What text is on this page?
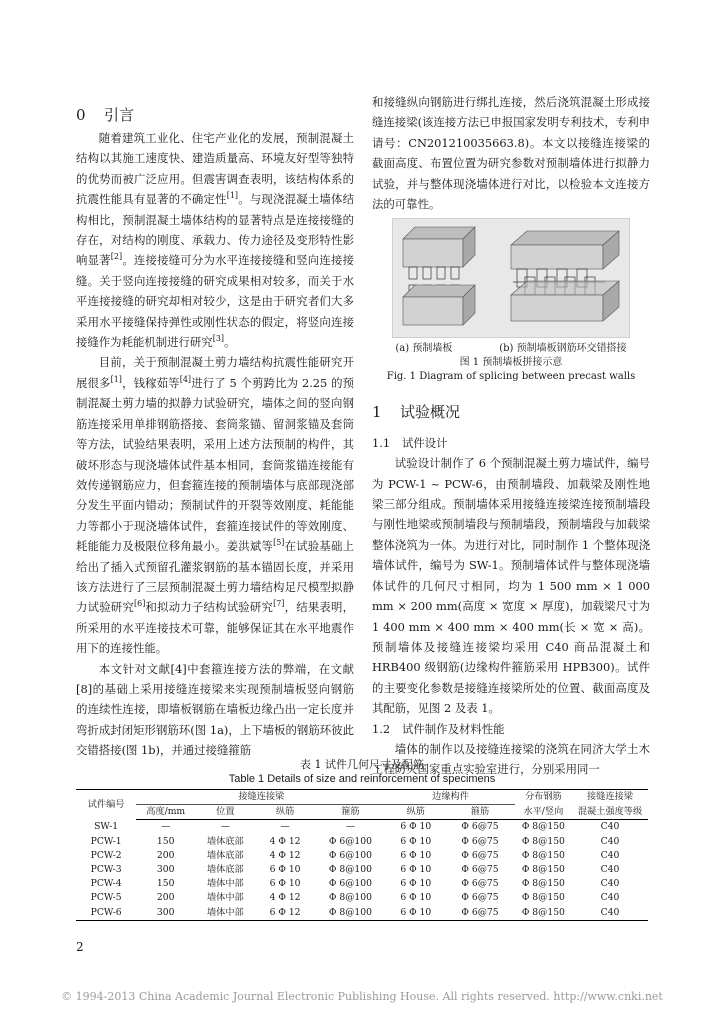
0 引言

随着建筑工业化、住宅产业化的发展，预制混凝土结构以其施工速度快、建造质量高、环境友好型等独特的优势而被广泛应用。但震害调查表明，该结构体系的抗震性能具有显著的不确定性[1]。与现浇混凝土墙体结构相比，预制混凝土墙体结构的显著特点是连接接缝的存在，对结构的刚度、承载力、传力途径及变形特性影响显著[2]。连接接缝可分为水平连接接缝和竖向连接接缝。关于竖向连接接缝的研究成果相对较多，而关于水平连接接缝的研究却相对较少，这是由于研究者们大多采用水平接缝保持弹性或刚性状态的假定，将竖向连接接缝作为耗能机制进行研究[3]。

目前，关于预制混凝土剪力墙结构抗震性能研究开展很多[1]，钱稼茹等[4]进行了 5 个剪跨比为 2.25 的预制混凝土剪力墙的拟静力试验研究，墙体之间的竖向钢筋连接采用单排钢筋搭接、套筒浆锚、留洞浆锚及套筒等方法，试验结果表明，采用上述方法预制的构件，其破坏形态与现浇墙体试件基本相同，套筒浆锚连接能有效传递钢筋应力，但套箍连接的预制墙体与底部现浇部分发生平面内错动；预制试件的开裂等效刚度、耗能能力等都小于现浇墙体试件，套箍连接试件的等效刚度、耗能能力及极限位移角最小。姜洪斌等[5]在试验基础上给出了插入式预留孔灌浆钢筋的基本锚固长度，并采用该方法进行了三层预制混凝土剪力墙结构足尺模型拟静力试验研究[6]和拟动力子结构试验研究[7]，结果表明，所采用的水平连接技术可靠，能够保证其在水平地震作用下的连接性能。

本文针对文献[4]中套箍连接方法的弊端，在文献[8]的基础上采用接缝连接梁来实现预制墙板竖向钢筋的连续性连接，即墙板钢筋在墙板边缘凸出一定长度并弯折成封闭矩形钢筋环(图 1a)，上下墙板的钢筋环彼此交错搭接(图 1b)，并通过接缝箍筋

和接缝纵向钢筋进行绑扎连接，然后浇筑混凝土形成接缝连接梁(该连接方法已申报国家发明专利技术，专利申请号：CN201210035663.8)。本文以接缝连接梁的截面高度、布置位置为研究参数对预制墙体进行拟静力试验，并与整体现浇墙体进行对比，以检验本文连接方法的可靠性。

(a) 预制墙板	(b) 预制墙板钢筋环交错搭接
图 1 预制墙板拼接示意
Fig. 1 Diagram of splicing between precast walls
1 试验概况
1.1 试件设计

试验设计制作了 6 个预制混凝土剪力墙试件，编号为 PCW-1 ~ PCW-6，由预制墙段、加载梁及刚性地梁三部分组成。预制墙体采用接缝连接梁连接预制墙段与刚性地梁或预制墙段与预制墙段，预制墙段与加载梁整体浇筑为一体。为进行对比，同时制作 1 个整体现浇墙体试件，编号为 SW-1。预制墙体试件与整体现浇墙体试件的几何尺寸相同，均为 1 500 mm × 1 000 mm × 200 mm(高度 × 宽度 × 厚度)，加载梁尺寸为 1 400 mm × 400 mm × 400 mm(长 × 宽 × 高)。预制墙体及接缝连接梁均采用 C40 商品混凝土和 HRB400 级钢筋(边缘构件箍筋采用 HPB300)。试件的主要变化参数是接缝连接梁所处的位置、截面高度及其配筋，见图 2 及表 1。

1.2 试件制作及材料性能

墙体的制作以及接缝连接梁的浇筑在同济大学土木工程防灾国家重点实验室进行，分别采用同一

表 1 试件几何尺寸及配筋
Table 1 Details of size and reinforcement of specimens
试件编号	接缝连接梁				边缘构件		分布钢筋	接缝连接梁
	高度/mm	位置	纵筋	箍筋	纵筋	箍筋	水平/竖向	混凝土强度等级
SW-1	—	—	—	—	6 Φ 10	Φ 6@75	Φ 8@150	C40
PCW-1	150	墙体底部	4 Φ 12	Φ 6@100	6 Φ 10	Φ 6@75	Φ 8@150	C40
PCW-2	200	墙体底部	4 Φ 12	Φ 6@100	6 Φ 10	Φ 6@75	Φ 8@150	C40
PCW-3	300	墙体底部	6 Φ 10	Φ 8@100	6 Φ 10	Φ 6@75	Φ 8@150	C40
PCW-4	150	墙体中部	6 Φ 10	Φ 6@100	6 Φ 10	Φ 6@75	Φ 8@150	C40
PCW-5	200	墙体中部	4 Φ 12	Φ 8@100	6 Φ 10	Φ 6@75	Φ 8@150	C40
PCW-6	300	墙体中部	6 Φ 12	Φ 8@100	6 Φ 10	Φ 6@75	Φ 8@150	C40
2
© 1994-2013 China Academic Journal Electronic Publishing House. All rights reserved. http://www.cnki.net
